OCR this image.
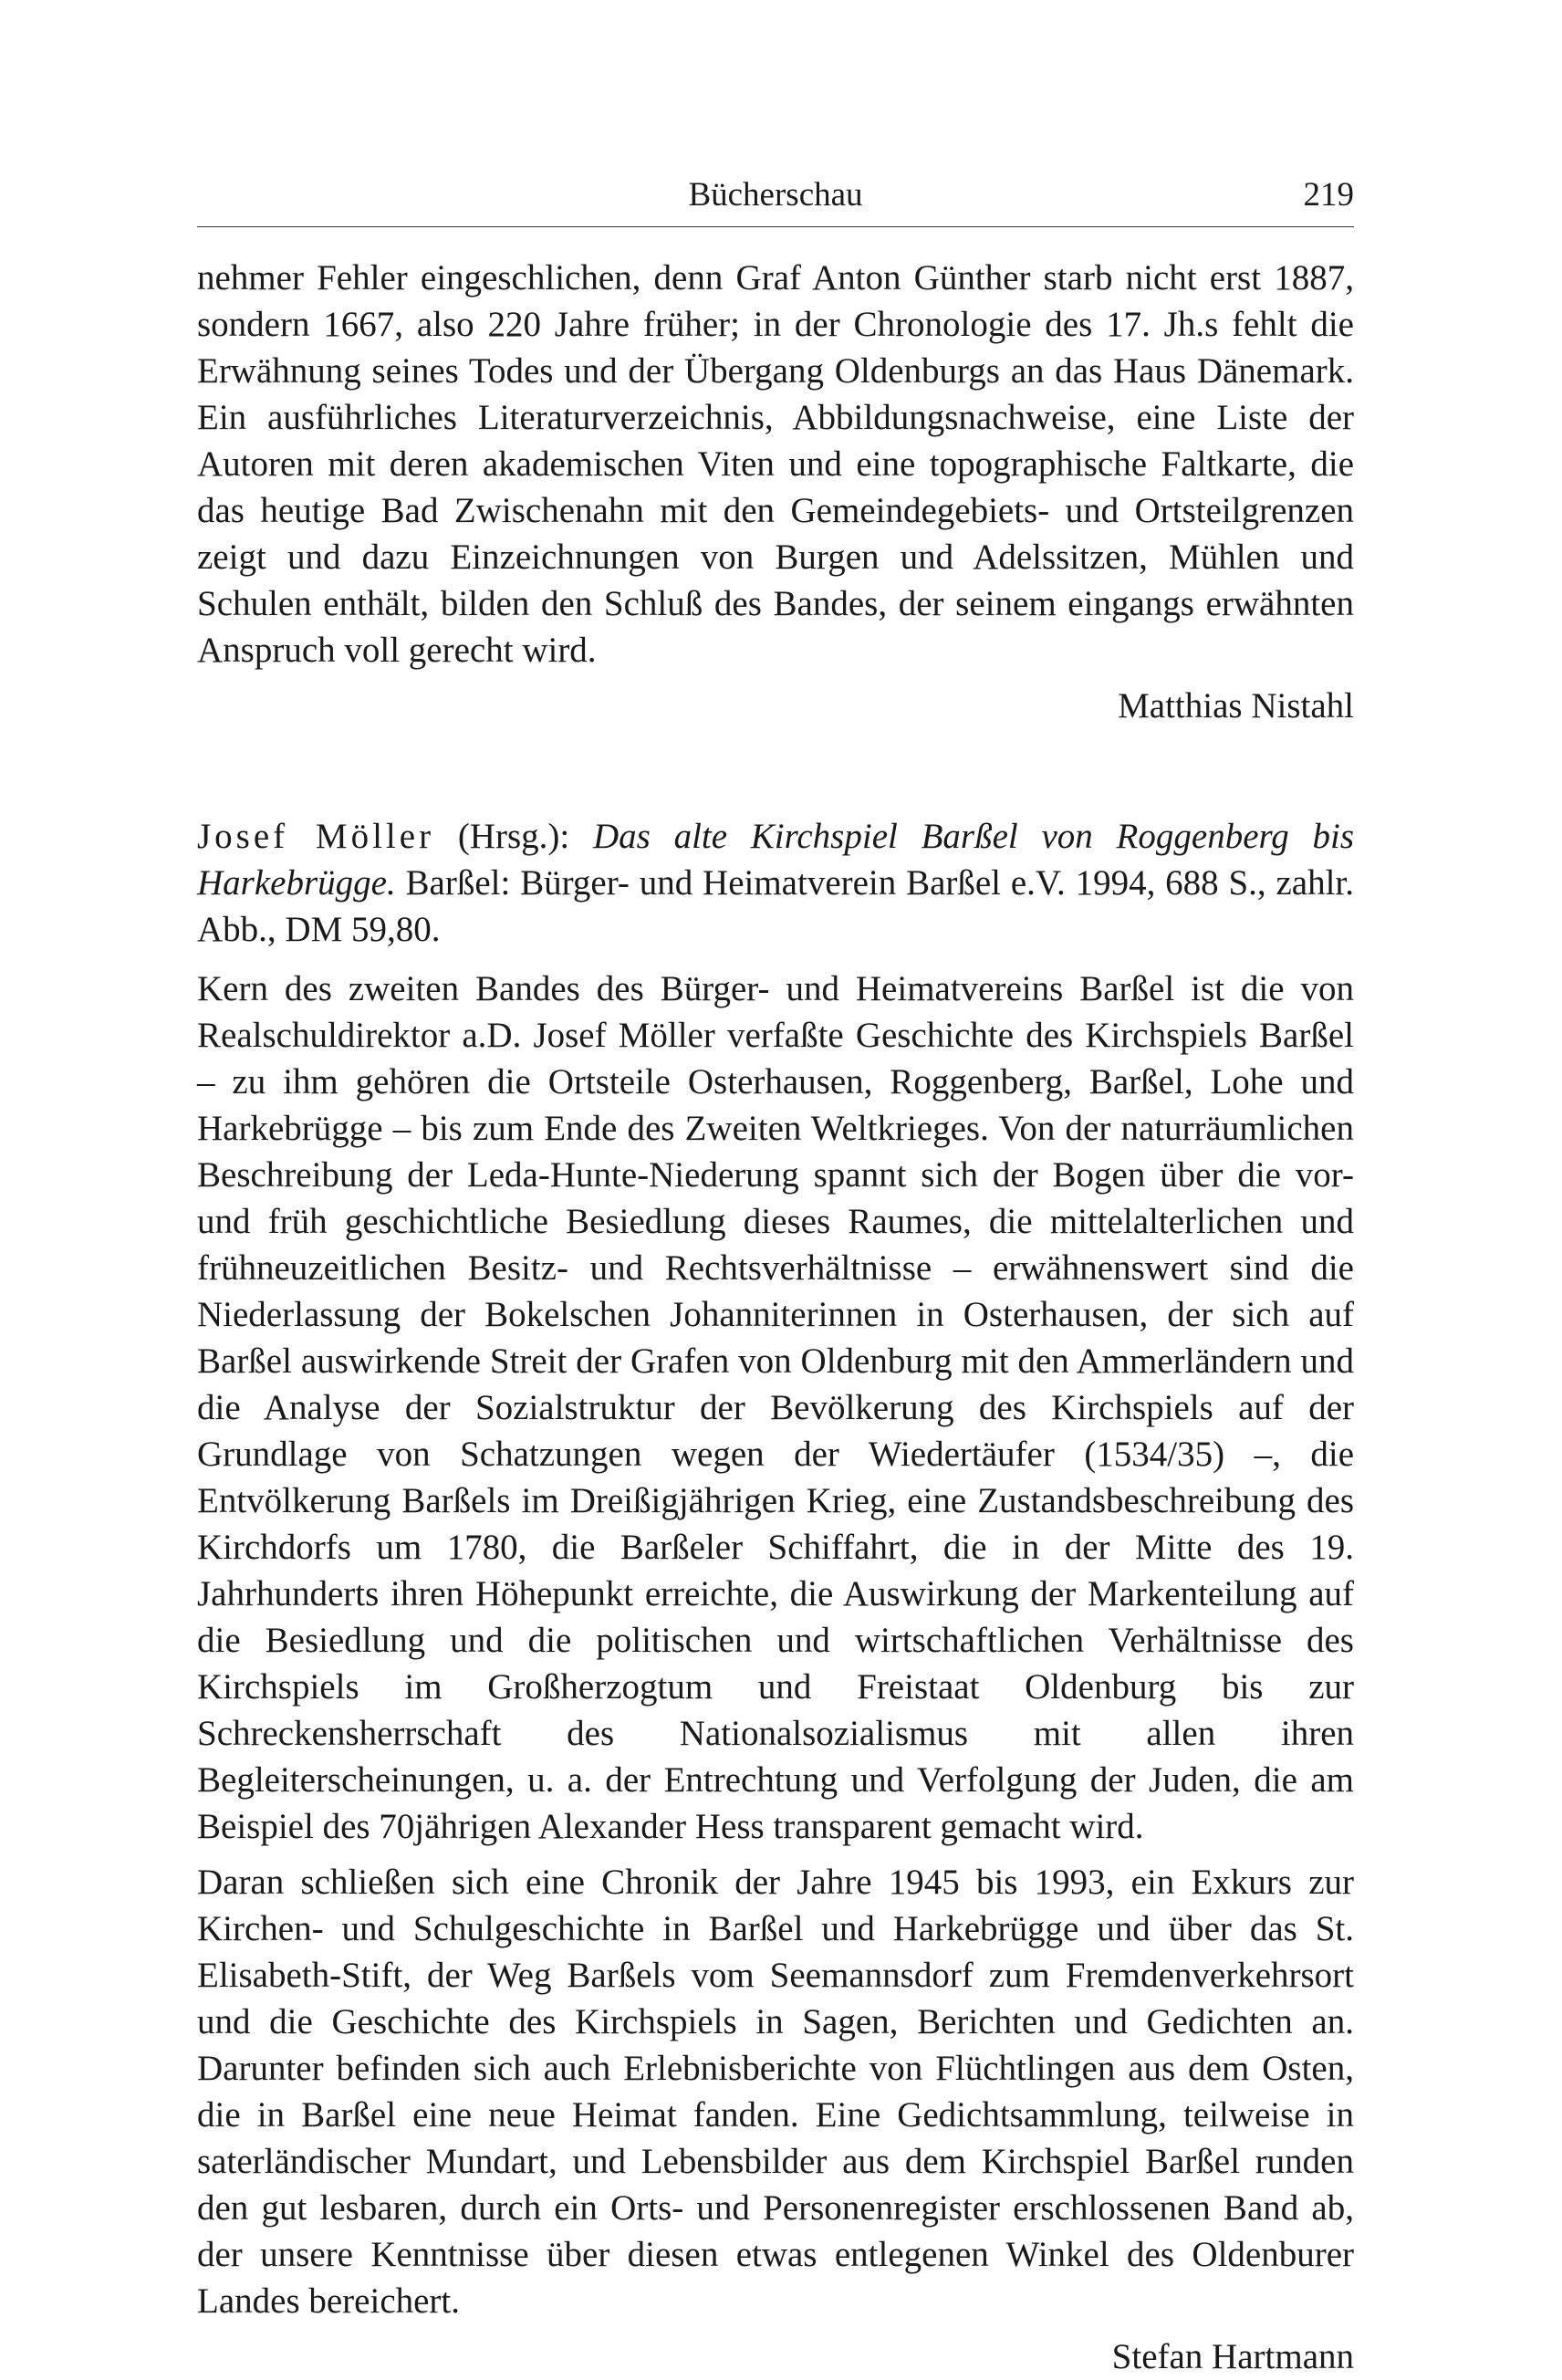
Bücherschau	219

nehmer Fehler eingeschlichen, denn Graf Anton Günther starb nicht erst 1887, sondern 1667, also 220 Jahre früher; in der Chronologie des 17. Jh.s fehlt die Erwähnung seines Todes und der Übergang Oldenburgs an das Haus Dänemark. Ein ausführliches Literaturverzeichnis, Abbildungsnachweise, eine Liste der Autoren mit deren akademischen Viten und eine topographische Faltkarte, die das heutige Bad Zwischenahn mit den Gemeindegebiets- und Ortsteilgrenzen zeigt und dazu Einzeichnungen von Burgen und Adelssitzen, Mühlen und Schulen enthält, bilden den Schluß des Bandes, der seinem eingangs erwähnten Anspruch voll gerecht wird.

Matthias Nistahl

Josef Möller (Hrsg.): Das alte Kirchspiel Barßel von Roggenberg bis Harkebrügge. Barßel: Bürger- und Heimatverein Barßel e.V. 1994, 688 S., zahlr. Abb., DM 59,80.

Kern des zweiten Bandes des Bürger- und Heimatvereins Barßel ist die von Realschuldirektor a.D. Josef Möller verfaßte Geschichte des Kirchspiels Barßel – zu ihm gehören die Ortsteile Osterhausen, Roggenberg, Barßel, Lohe und Harkebrügge – bis zum Ende des Zweiten Weltkrieges. Von der naturräumlichen Beschreibung der Leda-Hunte-Niederung spannt sich der Bogen über die vor- und früh geschichtliche Besiedlung dieses Raumes, die mittelalterlichen und frühneuzeitlichen Besitz- und Rechtsverhältnisse – erwähnenswert sind die Niederlassung der Bokelschen Johanniterinnen in Osterhausen, der sich auf Barßel auswirkende Streit der Grafen von Oldenburg mit den Ammerländern und die Analyse der Sozialstruktur der Bevölkerung des Kirchspiels auf der Grundlage von Schatzungen wegen der Wiedertäufer (1534/35) –, die Entvölkerung Barßels im Dreißigjährigen Krieg, eine Zustandsbeschreibung des Kirchdorfs um 1780, die Barßeler Schiffahrt, die in der Mitte des 19. Jahrhunderts ihren Höhepunkt erreichte, die Auswirkung der Markenteilung auf die Besiedlung und die politischen und wirtschaftlichen Verhältnisse des Kirchspiels im Großherzogtum und Freistaat Oldenburg bis zur Schreckensherrschaft des Nationalsozialismus mit allen ihren Begleiterscheinungen, u. a. der Entrechtung und Verfolgung der Juden, die am Beispiel des 70jährigen Alexander Hess transparent gemacht wird.

Daran schließen sich eine Chronik der Jahre 1945 bis 1993, ein Exkurs zur Kirchen- und Schulgeschichte in Barßel und Harkebrügge und über das St. Elisabeth-Stift, der Weg Barßels vom Seemannsdorf zum Fremdenverkehrsort und die Geschichte des Kirchspiels in Sagen, Berichten und Gedichten an. Darunter befinden sich auch Erlebnisberichte von Flüchtlingen aus dem Osten, die in Barßel eine neue Heimat fanden. Eine Gedichtsammlung, teilweise in saterländischer Mundart, und Lebensbilder aus dem Kirchspiel Barßel runden den gut lesbaren, durch ein Orts- und Personenregister erschlossenen Band ab, der unsere Kenntnisse über diesen etwas entlegenen Winkel des Oldenburer Landes bereichert.

Stefan Hartmann
